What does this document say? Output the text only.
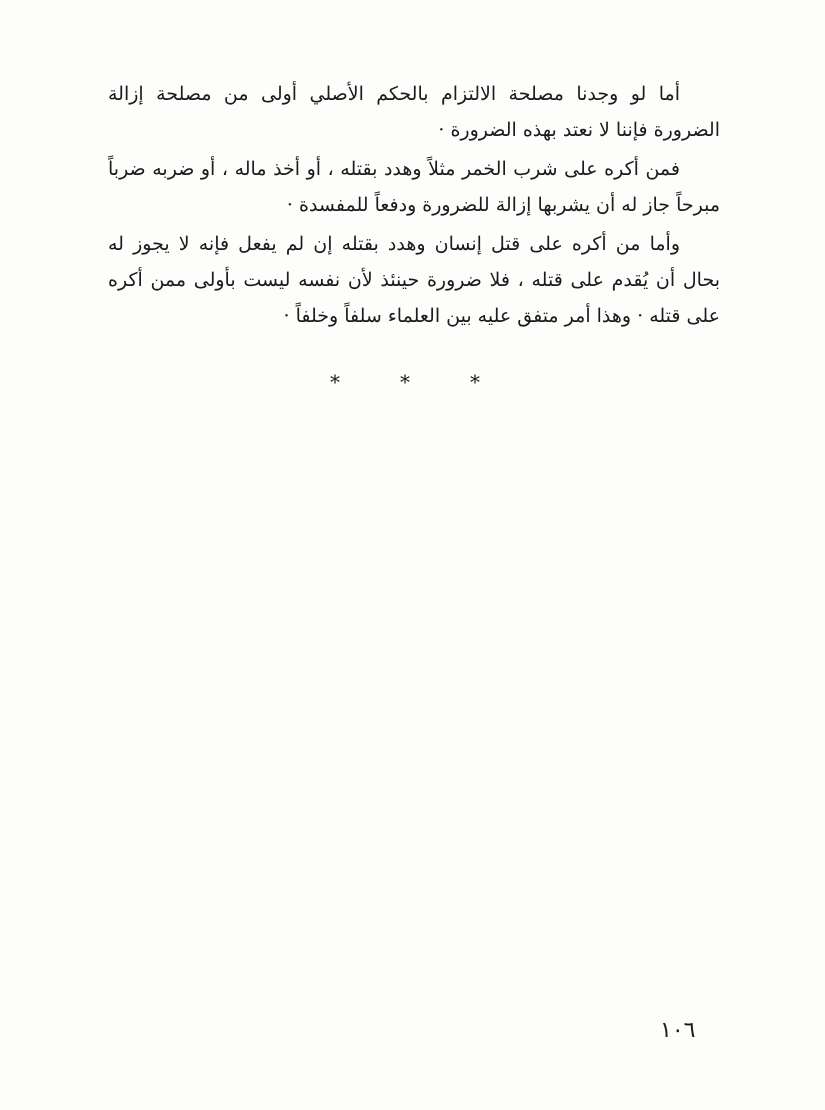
أما لو وجدنا مصلحة الالتزام بالحكم الأصلي أولى من مصلحة إزالة الضرورة فإننا لا نعتد بهذه الضرورة ·

فمن أكره على شرب الخمر مثلاً وهدد بقتله ، أو أخذ ماله ، أو ضربه ضرباً مبرحاً جاز له أن يشربها إزالة للضرورة ودفعاً للمفسدة ·

وأما من أكره على قتل إنسان وهدد بقتله إن لم يفعل فإنه لا يجوز له بحال أن يُقدم على قتله ، فلا ضرورة حينئذ لأن نفسه ليست بأولى ممن أكره على قتله · وهذا أمر متفق عليه بين العلماء سلفاً وخلفاً ·

*	*	*
١٠٦
